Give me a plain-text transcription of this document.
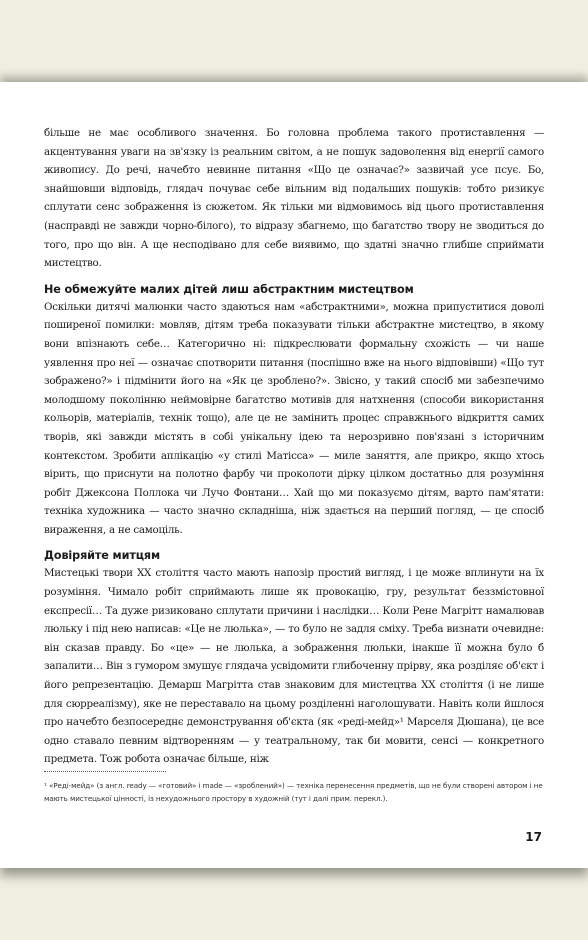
більше не має особливого значення. Бо головна проблема такого протиставлення — акцентування уваги на зв'язку із реальним світом, а не пошук задоволення від енергії самого живопису. До речі, начебто невинне питання «Що це означає?» зазвичай усе псує. Бо, знайшовши відповідь, глядач почуває себе вільним від подальших пошуків: тобто ризикує сплутати сенс зображення із сюжетом. Як тільки ми відмовимось від цього протиставлення (насправді не завжди чорно-білого), то відразу збагнемо, що багатство твору не зводиться до того, про що він. А ще несподівано для себе виявимо, що здатні значно глибше сприймати мистецтво.

Не обмежуйте малих дітей лиш абстрактним мистецтвом

Оскільки дитячі малюнки часто здаються нам «абстрактними», можна припуститися доволі поширеної помилки: мовляв, дітям треба показувати тільки абстрактне мистецтво, в якому вони впізнають себе… Категорично ні: підкреслювати формальну схожість — чи наше уявлення про неї — означає спотворити питання (поспішно вже на нього відповівши) «Що тут зображено?» і підмінити його на «Як це зроблено?». Звісно, у такий спосіб ми забезпечимо молодшому поколінню неймовірне багатство мотивів для натхнення (способи використання кольорів, матеріалів, технік тощо), але це не замінить процес справжнього відкриття самих творів, які завжди містять в собі унікальну ідею та нерозривно пов'язані з історичним контекстом. Зробити аплікацію «у стилі Матісса» — миле заняття, але прикро, якщо хтось вірить, що приснути на полотно фарбу чи проколоти дірку цілком достатньо для розуміння робіт Джексона Поллока чи Лучо Фонтани… Хай що ми показуємо дітям, варто пам'ятати: техніка художника — часто значно складніша, ніж здається на перший погляд, — це спосіб вираження, а не самоціль.

Довіряйте митцям

Мистецькі твори XX століття часто мають напозір простий вигляд, і це може вплинути на їх розуміння. Чимало робіт сприймають лише як провокацію, гру, результат беззмістовної експресії… Та дуже ризиковано сплутати причини і наслідки… Коли Рене Магрітт намалював люльку і під нею написав: «Це не люлька», — то було не задля сміху. Треба визнати очевидне: він сказав правду. Бо «це» — не люлька, а зображення люльки, інакше її можна було б запалити… Він з гумором змушує глядача усвідомити глибоченну прірву, яка розділяє об'єкт і його репрезентацію. Демарш Магрітта став знаковим для мистецтва XX століття (і не лише для сюрреалізму), яке не переставало на цьому розділенні наголошувати. Навіть коли йшлося про начебто безпосереднє демонстрування об'єкта (як «реді-мейд»¹ Марселя Дюшана), це все одно ставало певним відтворенням — у театральному, так би мовити, сенсі — конкретного предмета. Тож робота означає більше, ніж

¹ «Реді-мейд» (з англ. ready — «готовий» і made — «зроблений») — техніка перенесення предметів, що не були створені автором і не мають мистецької цінності, із нехудожнього простору в художній (тут і далі прим. перекл.).
17
